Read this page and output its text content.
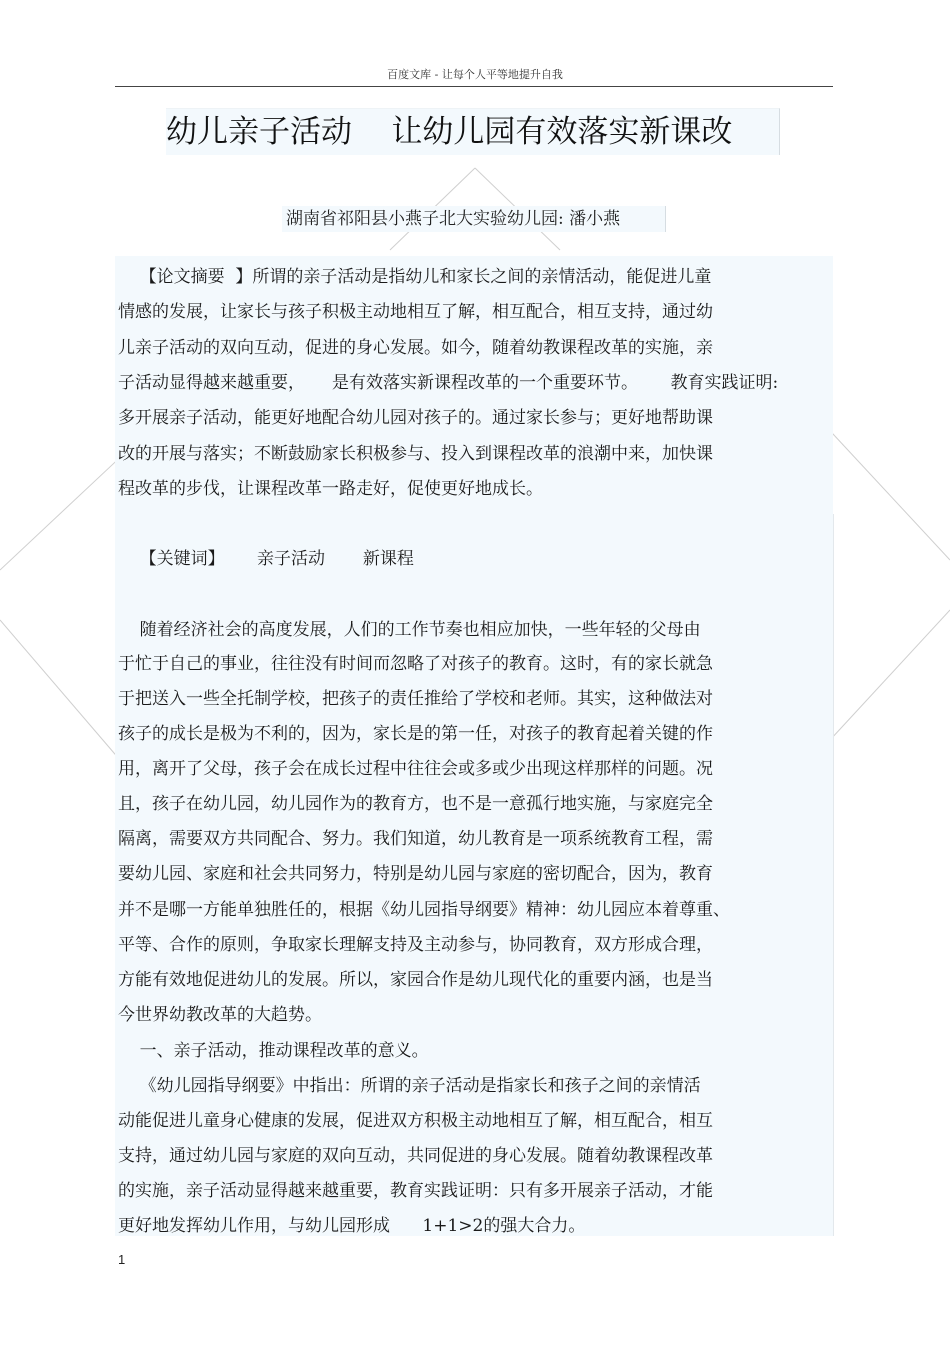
百度文库 - 让每个人平等地提升自我
幼儿亲子活动    让幼儿园有效落实新课改
湖南省祁阳县小燕子北大实验幼儿园: 潘小燕
【论文摘要  】所谓的亲子活动是指幼儿和家长之间的亲情活动，能促进儿童
情感的发展，让家长与孩子积极主动地相互了解，相互配合，相互支持，通过幼
儿亲子活动的双向互动，促进的身心发展。如今，随着幼教课程改革的实施，亲
子活动显得越来越重要，     是有效落实新课程改革的一个重要环节。      教育实践证明:
多开展亲子活动，能更好地配合幼儿园对孩子的。通过家长参与；更好地帮助课
改的开展与落实；不断鼓励家长积极参与、投入到课程改革的浪潮中来，加快课
程改革的步伐，让课程改革一路走好，促使更好地成长。
【关键词】      亲子活动       新课程
随着经济社会的高度发展，人们的工作节奏也相应加快，一些年轻的父母由
于忙于自己的事业，往往没有时间而忽略了对孩子的教育。这时，有的家长就急
于把送入一些全托制学校，把孩子的责任推给了学校和老师。其实，这种做法对
孩子的成长是极为不利的，因为，家长是的第一任，对孩子的教育起着关键的作
用，离开了父母，孩子会在成长过程中往往会或多或少出现这样那样的问题。况
且，孩子在幼儿园，幼儿园作为的教育方，也不是一意孤行地实施，与家庭完全
隔离，需要双方共同配合、努力。我们知道，幼儿教育是一项系统教育工程，需
要幼儿园、家庭和社会共同努力，特别是幼儿园与家庭的密切配合，因为，教育
并不是哪一方能单独胜任的，根据《幼儿园指导纲要》精神：幼儿园应本着尊重、
平等、合作的原则，争取家长理解支持及主动参与，协同教育，双方形成合理，
方能有效地促进幼儿的发展。所以，家园合作是幼儿现代化的重要内涵，也是当
今世界幼教改革的大趋势。
一、亲子活动，推动课程改革的意义。
《幼儿园指导纲要》中指出：所谓的亲子活动是指家长和孩子之间的亲情活
动能促进儿童身心健康的发展，促进双方积极主动地相互了解，相互配合，相互
支持，通过幼儿园与家庭的双向互动，共同促进的身心发展。随着幼教课程改革
的实施，亲子活动显得越来越重要，教育实践证明：只有多开展亲子活动，才能
更好地发挥幼儿作用，与幼儿园形成      1+1>2的强大合力。
1
